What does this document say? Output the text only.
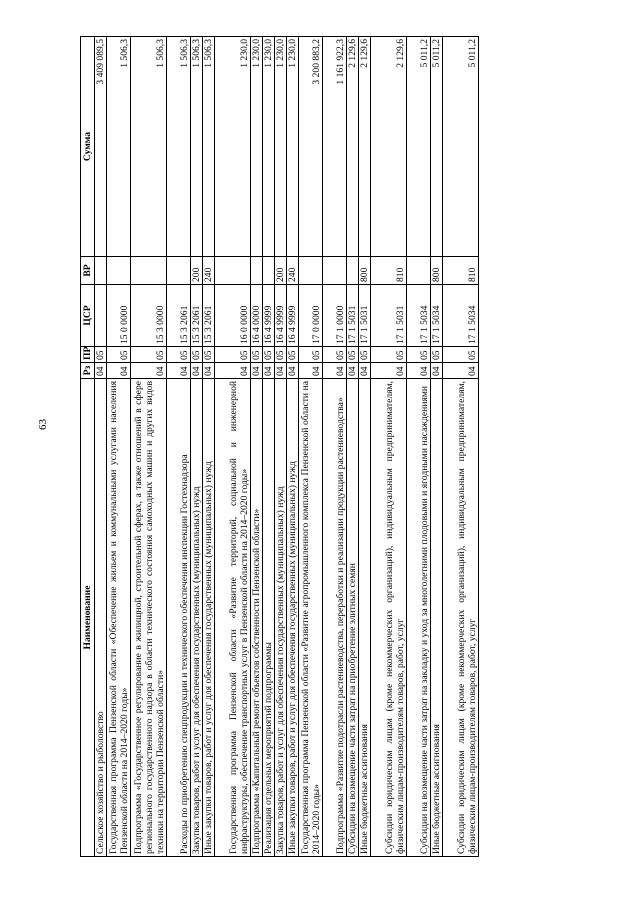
63
Наименование	Рз	ПР	ЦСР	ВР	Сумма
Сельское хозяйство и рыболовство	04	05			3 409 089,5
Государственная программа Пензенской области «Обеспечение жильем и коммунальными услугами населения Пензенской области на 2014–2020 годы»	04	05	15 0 0000		1 506,3
Подпрограмма «Государственное регулирование в жилищной, строительной сферах, а также отношений в сфере регионального государственного надзора в области технического состояния самоходных машин и других видов техники на территории Пензенской области»	04	05	15 3 0000		1 506,3
Расходы по приобретению спецпродукции и технического обеспечения инспекции Гостехнадзора	04	05	15 3 2061		1 506,3
Закупка товаров, работ и услуг для обеспечения государственных (муниципальных) нужд	04	05	15 3 2061	200	1 506,3
Иные закупки товаров, работ и услуг для обеспечения государственных (муниципальных) нужд	04	05	15 3 2061	240	1 506,3
Государственная программа Пензенской области «Развитие территорий, социальной и инженерной инфраструктуры, обеспечение транспортных услуг в Пензенской области на 2014–2020 годы»	04	05	16 0 0000		1 230,0
Подпрограмма «Капитальный ремонт объектов собственности Пензенской области»	04	05	16 4 0000		1 230,0
Реализация отдельных мероприятий подпрограммы	04	05	16 4 9999		1 230,0
Закупка товаров, работ и услуг для обеспечения государственных (муниципальных) нужд	04	05	16 4 9999	200	1 230,0
Иные закупки товаров, работ и услуг для обеспечения государственных (муниципальных) нужд	04	05	16 4 9999	240	1 230,0
Государственная программа Пензенской области «Развитие агропромышленного комплекса Пензенской области на 2014–2020 годы»	04	05	17 0 0000		3 200 883,2
Подпрограмма «Развитие подотрасли растениеводства, переработки и реализации продукции растениеводства»	04	05	17 1 0000		1 161 922,3
Субсидии на возмещение части затрат на приобретение элитных семян	04	05	17 1 5031		2 129,6
Иные бюджетные ассигнования	04	05	17 1 5031	800	2 129,6
Субсидии юридическим лицам (кроме некоммерческих организаций), индивидуальным предпринимателям, физическим лицам-производителям товаров, работ, услуг	04	05	17 1 5031	810	2 129,6
Субсидии на возмещение части затрат на закладку и уход за многолетними плодовыми и ягодными насаждениями	04	05	17 1 5034		5 011,2
Иные бюджетные ассигнования	04	05	17 1 5034	800	5 011,2
Субсидии юридическим лицам (кроме некоммерческих организаций), индивидуальным предпринимателям, физическим лицам-производителям товаров, работ, услуг	04	05	17 1 5034	810	5 011,2
